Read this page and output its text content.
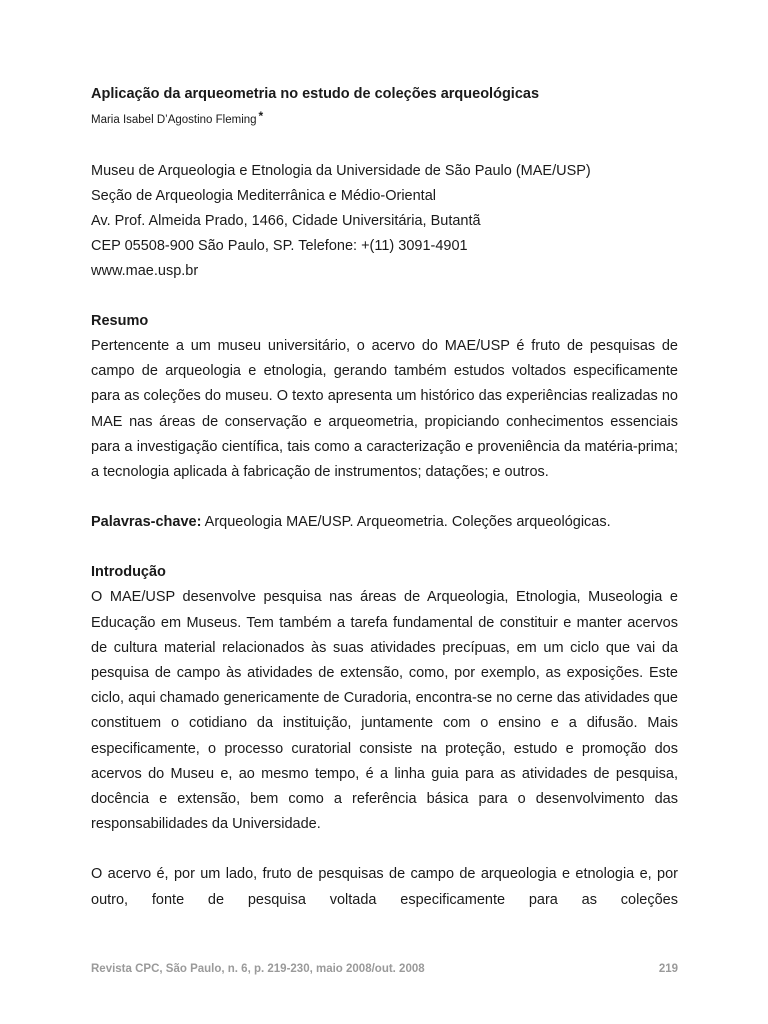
Aplicação da arqueometria no estudo de coleções arqueológicas
Maria Isabel D’Agostino Fleming *
Museu de Arqueologia e Etnologia da Universidade de São Paulo (MAE/USP)
Seção de Arqueologia Mediterrânica e Médio-Oriental
Av. Prof. Almeida Prado, 1466, Cidade Universitária, Butantã
CEP 05508-900 São Paulo, SP. Telefone: +(11) 3091-4901
www.mae.usp.br
Resumo

Pertencente a um museu universitário, o acervo do MAE/USP é fruto de pesquisas de campo de arqueologia e etnologia, gerando também estudos voltados especificamente para as coleções do museu. O texto apresenta um histórico das experiências realizadas no MAE nas áreas de conservação e arqueometria, propiciando conhecimentos essenciais para a investigação científica, tais como a caracterização e proveniência da matéria-prima; a tecnologia aplicada à fabricação de instrumentos; datações; e outros.

Palavras-chave: Arqueologia MAE/USP. Arqueometria. Coleções arqueológicas.

Introdução

O MAE/USP desenvolve pesquisa nas áreas de Arqueologia, Etnologia, Museologia e Educação em Museus. Tem também a tarefa fundamental de constituir e manter acervos de cultura material relacionados às suas atividades precípuas, em um ciclo que vai da pesquisa de campo às atividades de extensão, como, por exemplo, as exposições. Este ciclo, aqui chamado genericamente de Curadoria, encontra-se no cerne das atividades que constituem o cotidiano da instituição, juntamente com o ensino e a difusão. Mais especificamente, o processo curatorial consiste na proteção, estudo e promoção dos acervos do Museu e, ao mesmo tempo, é a linha guia para as atividades de pesquisa, docência e extensão, bem como a referência básica para o desenvolvimento das responsabilidades da Universidade.

O acervo é, por um lado, fruto de pesquisas de campo de arqueologia e etnologia e, por outro, fonte de pesquisa voltada especificamente para as coleções

Revista CPC, São Paulo, n. 6, p. 219-230, maio 2008/out. 2008	219
